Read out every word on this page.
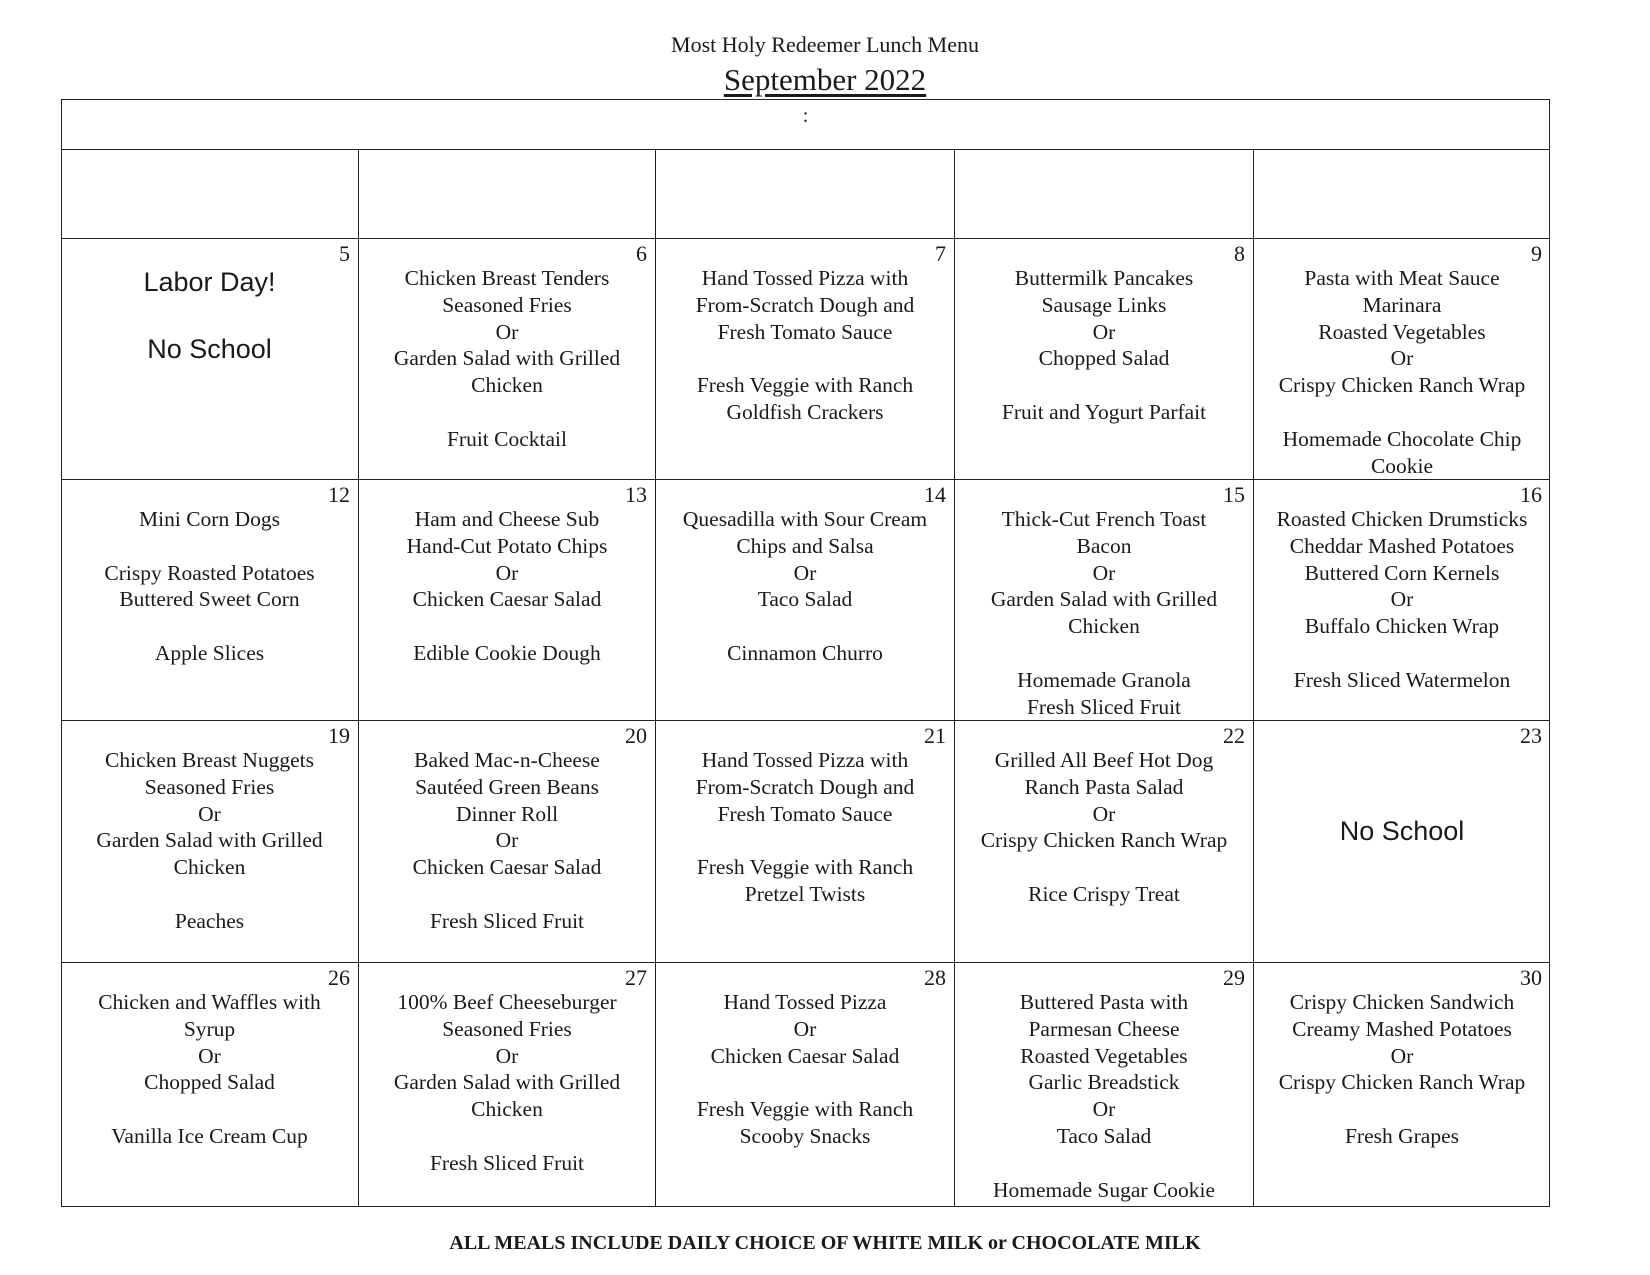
Most Holy Redeemer Lunch Menu
September 2022
:
5
Labor Day!
No School
6
Chicken Breast Tenders
Seasoned Fries
Or
Garden Salad with Grilled
Chicken
Fruit Cocktail
7
Hand Tossed Pizza with
From-Scratch Dough and
Fresh Tomato Sauce
Fresh Veggie with Ranch
Goldfish Crackers
8
Buttermilk Pancakes
Sausage Links
Or
Chopped Salad
Fruit and Yogurt Parfait
9
Pasta with Meat Sauce
Marinara
Roasted Vegetables
Or
Crispy Chicken Ranch Wrap
Homemade Chocolate Chip
Cookie
12
Mini Corn Dogs
Crispy Roasted Potatoes
Buttered Sweet Corn
Apple Slices
13
Ham and Cheese Sub
Hand-Cut Potato Chips
Or
Chicken Caesar Salad
Edible Cookie Dough
14
Quesadilla with Sour Cream
Chips and Salsa
Or
Taco Salad
Cinnamon Churro
15
Thick-Cut French Toast
Bacon
Or
Garden Salad with Grilled
Chicken
Homemade Granola
Fresh Sliced Fruit
16
Roasted Chicken Drumsticks
Cheddar Mashed Potatoes
Buttered Corn Kernels
Or
Buffalo Chicken Wrap
Fresh Sliced Watermelon
19
Chicken Breast Nuggets
Seasoned Fries
Or
Garden Salad with Grilled
Chicken
Peaches
20
Baked Mac-n-Cheese
Sautéed Green Beans
Dinner Roll
Or
Chicken Caesar Salad
Fresh Sliced Fruit
21
Hand Tossed Pizza with
From-Scratch Dough and
Fresh Tomato Sauce
Fresh Veggie with Ranch
Pretzel Twists
22
Grilled All Beef Hot Dog
Ranch Pasta Salad
Or
Crispy Chicken Ranch Wrap
Rice Crispy Treat
23
No School
26
Chicken and Waffles with
Syrup
Or
Chopped Salad
Vanilla Ice Cream Cup
27
100% Beef Cheeseburger
Seasoned Fries
Or
Garden Salad with Grilled
Chicken
Fresh Sliced Fruit
28
Hand Tossed Pizza
Or
Chicken Caesar Salad
Fresh Veggie with Ranch
Scooby Snacks
29
Buttered Pasta with
Parmesan Cheese
Roasted Vegetables
Garlic Breadstick
Or
Taco Salad
Homemade Sugar Cookie
30
Crispy Chicken Sandwich
Creamy Mashed Potatoes
Or
Crispy Chicken Ranch Wrap
Fresh Grapes
ALL MEALS INCLUDE DAILY CHOICE OF WHITE MILK or CHOCOLATE MILK
